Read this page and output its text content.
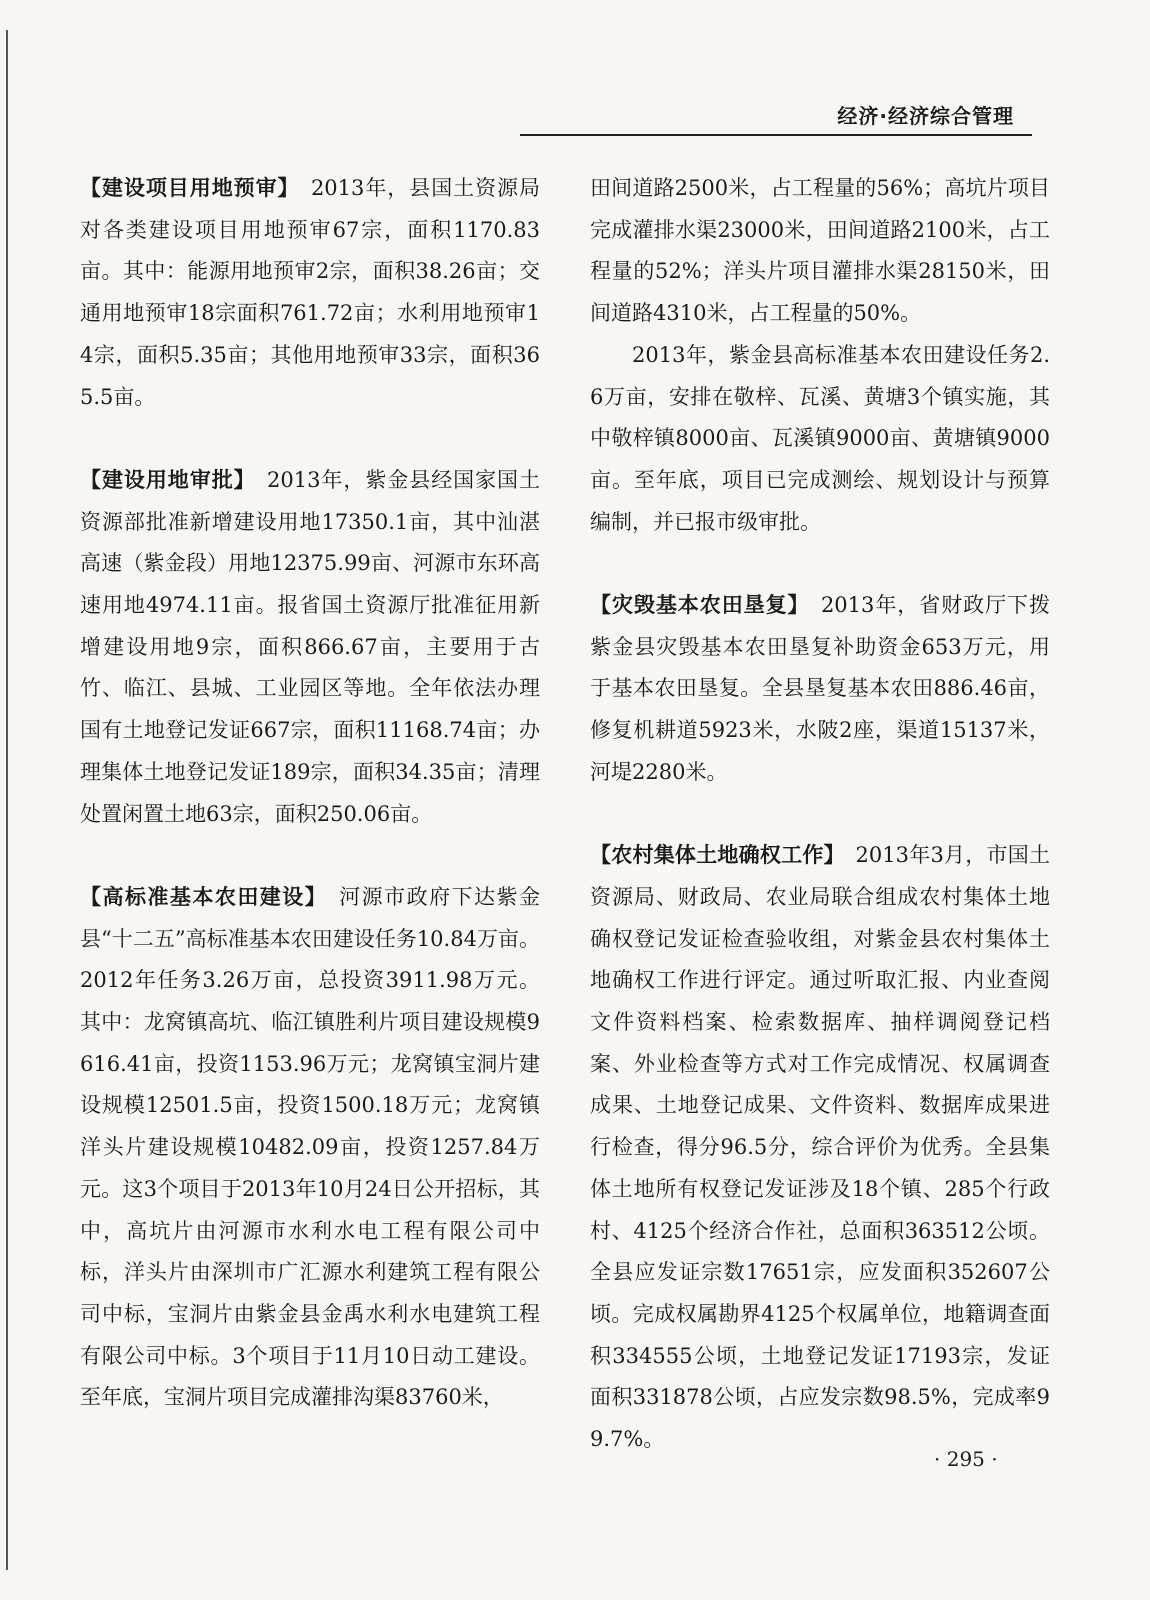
经济·经济综合管理

【建设项目用地预审】　2013年，县国土资源局对各类建设项目用地预审67宗，面积1170.83亩。其中：能源用地预审2宗，面积38.26亩；交通用地预审18宗面积761.72亩；水利用地预审14宗，面积5.35亩；其他用地预审33宗，面积365.5亩。

【建设用地审批】　2013年，紫金县经国家国土资源部批准新增建设用地17350.1亩，其中汕湛高速（紫金段）用地12375.99亩、河源市东环高速用地4974.11亩。报省国土资源厅批准征用新增建设用地9宗，面积866.67亩，主要用于古竹、临江、县城、工业园区等地。全年依法办理国有土地登记发证667宗，面积11168.74亩；办理集体土地登记发证189宗，面积34.35亩；清理处置闲置土地63宗，面积250.06亩。

【高标准基本农田建设】　河源市政府下达紫金县“十二五”高标准基本农田建设任务10.84万亩。2012年任务3.26万亩，总投资3911.98万元。其中：龙窝镇高坑、临江镇胜利片项目建设规模9616.41亩，投资1153.96万元；龙窝镇宝洞片建设规模12501.5亩，投资1500.18万元；龙窝镇洋头片建设规模10482.09亩，投资1257.84万元。这3个项目于2013年10月24日公开招标，其中，高坑片由河源市水利水电工程有限公司中标，洋头片由深圳市广汇源水利建筑工程有限公司中标，宝洞片由紫金县金禹水利水电建筑工程有限公司中标。3个项目于11月10日动工建设。至年底，宝洞片项目完成灌排沟渠83760米，

田间道路2500米，占工程量的56%；高坑片项目完成灌排水渠23000米，田间道路2100米，占工程量的52%；洋头片项目灌排水渠28150米，田间道路4310米，占工程量的50%。

2013年，紫金县高标准基本农田建设任务2.6万亩，安排在敬梓、瓦溪、黄塘3个镇实施，其中敬梓镇8000亩、瓦溪镇9000亩、黄塘镇9000亩。至年底，项目已完成测绘、规划设计与预算编制，并已报市级审批。

【灾毁基本农田垦复】　2013年，省财政厅下拨紫金县灾毁基本农田垦复补助资金653万元，用于基本农田垦复。全县垦复基本农田886.46亩，修复机耕道5923米，水陂2座，渠道15137米，河堤2280米。

【农村集体土地确权工作】　2013年3月，市国土资源局、财政局、农业局联合组成农村集体土地确权登记发证检查验收组，对紫金县农村集体土地确权工作进行评定。通过听取汇报、内业查阅文件资料档案、检索数据库、抽样调阅登记档案、外业检查等方式对工作完成情况、权属调查成果、土地登记成果、文件资料、数据库成果进行检查，得分96.5分，综合评价为优秀。全县集体土地所有权登记发证涉及18个镇、285个行政村、4125个经济合作社，总面积363512公顷。全县应发证宗数17651宗，应发面积352607公顷。完成权属勘界4125个权属单位，地籍调查面积334555公顷，土地登记发证17193宗，发证面积331878公顷，占应发宗数98.5%，完成率99.7%。

· 295 ·
